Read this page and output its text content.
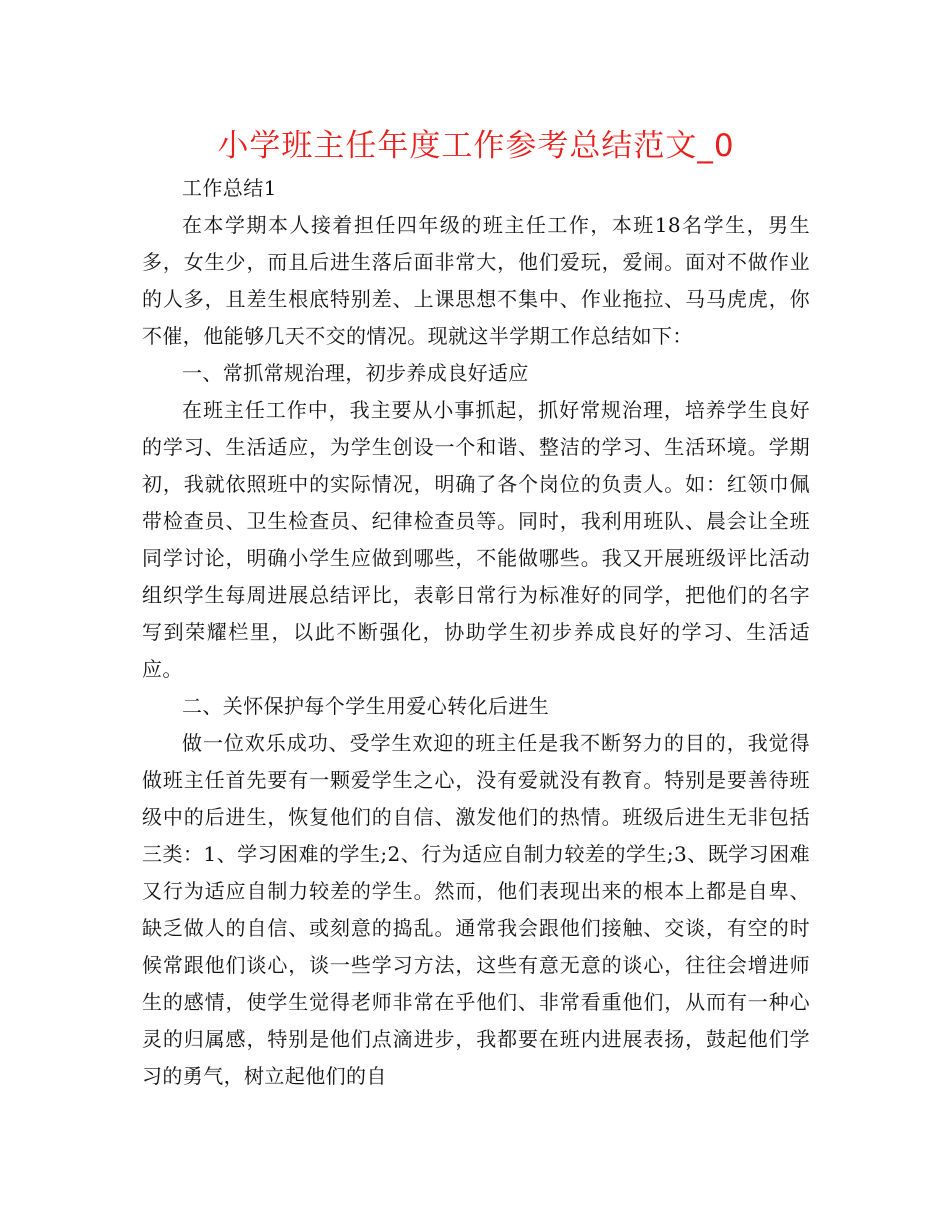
小学班主任年度工作参考总结范文_0

工作总结1

在本学期本人接着担任四年级的班主任工作，本班18名学生，男生多，女生少，而且后进生落后面非常大，他们爱玩，爱闹。面对不做作业的人多，且差生根底特别差、上课思想不集中、作业拖拉、马马虎虎，你不催，他能够几天不交的情况。现就这半学期工作总结如下：

一、常抓常规治理，初步养成良好适应

在班主任工作中，我主要从小事抓起，抓好常规治理，培养学生良好的学习、生活适应，为学生创设一个和谐、整洁的学习、生活环境。学期初，我就依照班中的实际情况，明确了各个岗位的负责人。如：红领巾佩带检查员、卫生检查员、纪律检查员等。同时，我利用班队、晨会让全班同学讨论，明确小学生应做到哪些，不能做哪些。我又开展班级评比活动组织学生每周进展总结评比，表彰日常行为标准好的同学，把他们的名字写到荣耀栏里，以此不断强化，协助学生初步养成良好的学习、生活适应。

二、关怀保护每个学生用爱心转化后进生

做一位欢乐成功、受学生欢迎的班主任是我不断努力的目的，我觉得做班主任首先要有一颗爱学生之心，没有爱就没有教育。特别是要善待班级中的后进生，恢复他们的自信、激发他们的热情。班级后进生无非包括三类：1、学习困难的学生;2、行为适应自制力较差的学生;3、既学习困难又行为适应自制力较差的学生。然而，他们表现出来的根本上都是自卑、缺乏做人的自信、或刻意的捣乱。通常我会跟他们接触、交谈，有空的时候常跟他们谈心，谈一些学习方法，这些有意无意的谈心，往往会增进师生的感情，使学生觉得老师非常在乎他们、非常看重他们，从而有一种心灵的归属感，特别是他们点滴进步，我都要在班内进展表扬，鼓起他们学习的勇气，树立起他们的自
